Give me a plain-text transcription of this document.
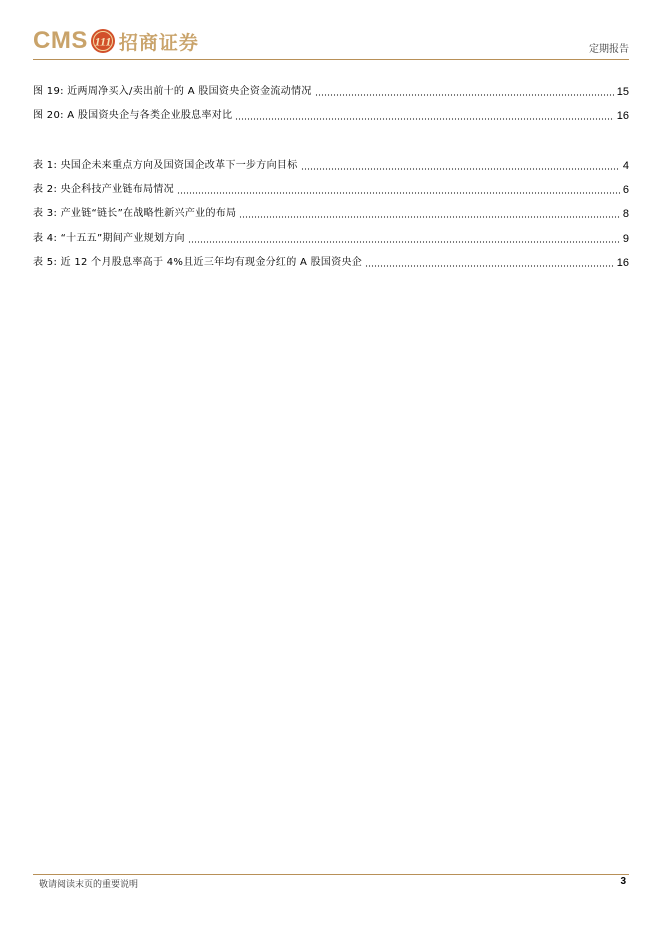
CMS 111 招商证券	定期报告
图 19: 近两周净买入/卖出前十的 A 股国资央企资金流动情况	15
图 20: A 股国资央企与各类企业股息率对比	16
表 1: 央国企未来重点方向及国资国企改革下一步方向目标	4
表 2: 央企科技产业链布局情况	6
表 3: 产业链“链长”在战略性新兴产业的布局	8
表 4: “十五五”期间产业规划方向	9
表 5: 近 12 个月股息率高于 4%且近三年均有现金分红的 A 股国资央企	16
敬请阅读末页的重要说明	3
